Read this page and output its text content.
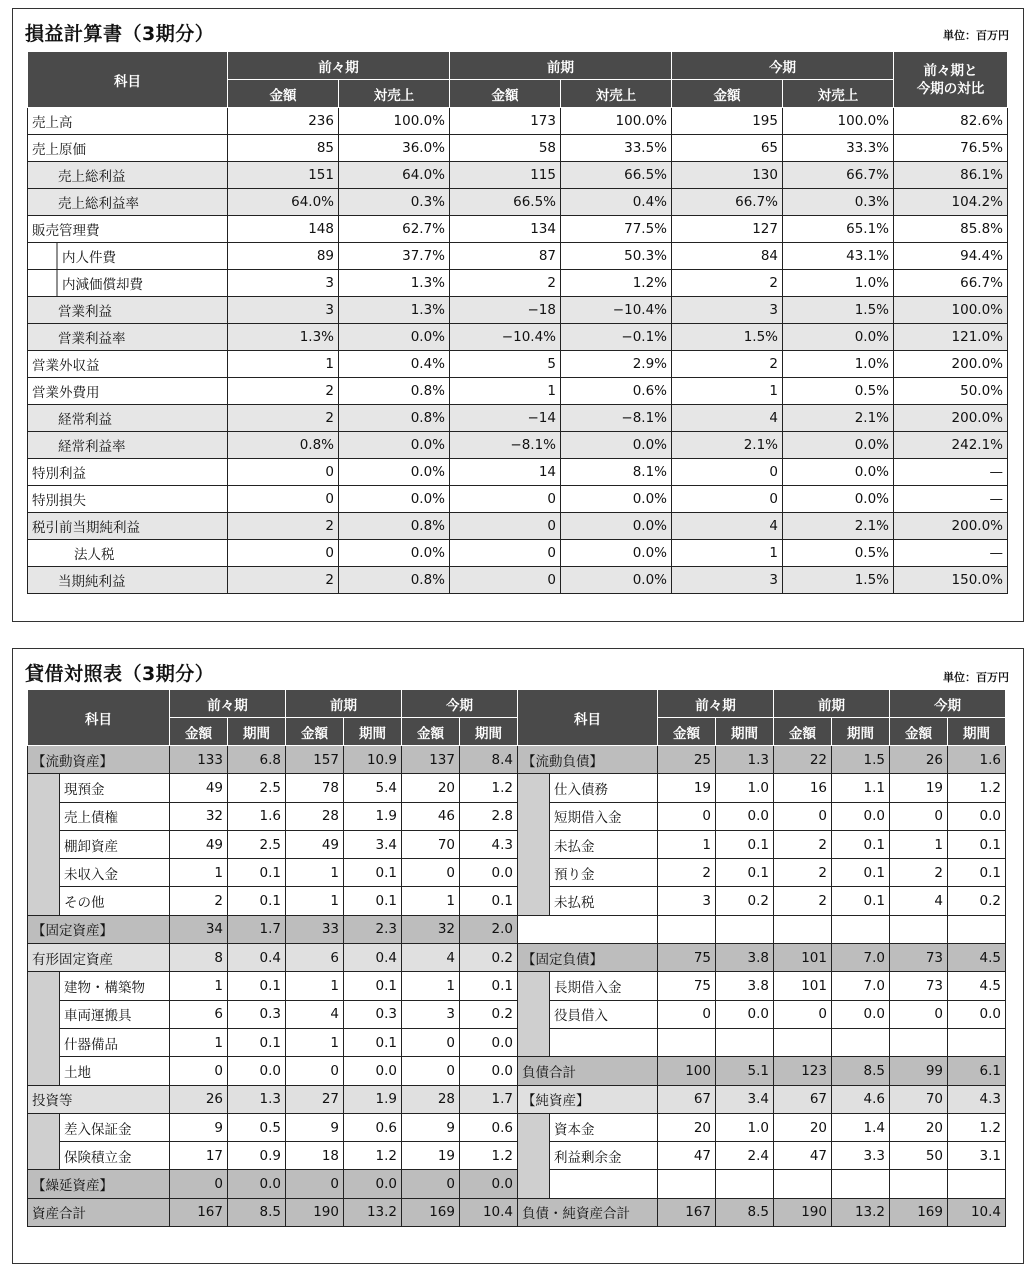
損益計算書（3期分）	単位：百万円
科目	前々期		前期		今期		前々期と
今期の対比
	金額	対売上	金額	対売上	金額	対売上	
売上高	236	100.0%	173	100.0%	195	100.0%	82.6%
売上原価	85	36.0%	58	33.5%	65	33.3%	76.5%
売上総利益	151	64.0%	115	66.5%	130	66.7%	86.1%
売上総利益率	64.0%	0.3%	66.5%	0.4%	66.7%	0.3%	104.2%
販売管理費	148	62.7%	134	77.5%	127	65.1%	85.8%
内人件費	89	37.7%	87	50.3%	84	43.1%	94.4%
内減価償却費	3	1.3%	2	1.2%	2	1.0%	66.7%
営業利益	3	1.3%	−18	−10.4%	3	1.5%	100.0%
営業利益率	1.3%	0.0%	−10.4%	−0.1%	1.5%	0.0%	121.0%
営業外収益	1	0.4%	5	2.9%	2	1.0%	200.0%
営業外費用	2	0.8%	1	0.6%	1	0.5%	50.0%
経常利益	2	0.8%	−14	−8.1%	4	2.1%	200.0%
経常利益率	0.8%	0.0%	−8.1%	0.0%	2.1%	0.0%	242.1%
特別利益	0	0.0%	14	8.1%	0	0.0%	—
特別損失	0	0.0%	0	0.0%	0	0.0%	—
税引前当期純利益	2	0.8%	0	0.0%	4	2.1%	200.0%
法人税	0	0.0%	0	0.0%	1	0.5%	—
当期純利益	2	0.8%	0	0.0%	3	1.5%	150.0%
貸借対照表（3期分）	単位：百万円
科目		前々期		前期		今期		科目		前々期		前期		今期	
		金額	期間	金額	期間	金額	期間			金額	期間	金額	期間	金額	期間
【流動資産】		133	6.8	157	10.9	137	8.4	【流動負債】		25	1.3	22	1.5	26	1.6
	現預金	49	2.5	78	5.4	20	1.2		仕入債務	19	1.0	16	1.1	19	1.2
	売上債権	32	1.6	28	1.9	46	2.8		短期借入金	0	0.0	0	0.0	0	0.0
	棚卸資産	49	2.5	49	3.4	70	4.3		未払金	1	0.1	2	0.1	1	0.1
	未収入金	1	0.1	1	0.1	0	0.0		預り金	2	0.1	2	0.1	2	0.1
	その他	2	0.1	1	0.1	1	0.1		未払税	3	0.2	2	0.1	4	0.2
【固定資産】		34	1.7	33	2.3	32	2.0								
有形固定資産		8	0.4	6	0.4	4	0.2	【固定負債】		75	3.8	101	7.0	73	4.5
	建物・構築物	1	0.1	1	0.1	1	0.1		長期借入金	75	3.8	101	7.0	73	4.5
	車両運搬具	6	0.3	4	0.3	3	0.2		役員借入	0	0.0	0	0.0	0	0.0
	什器備品	1	0.1	1	0.1	0	0.0								
	土地	0	0.0	0	0.0	0	0.0	負債合計		100	5.1	123	8.5	99	6.1
投資等		26	1.3	27	1.9	28	1.7	【純資産】		67	3.4	67	4.6	70	4.3
	差入保証金	9	0.5	9	0.6	9	0.6		資本金	20	1.0	20	1.4	20	1.2
	保険積立金	17	0.9	18	1.2	19	1.2		利益剰余金	47	2.4	47	3.3	50	3.1
【繰延資産】		0	0.0	0	0.0	0	0.0								
資産合計		167	8.5	190	13.2	169	10.4	負債・純資産合計		167	8.5	190	13.2	169	10.4
